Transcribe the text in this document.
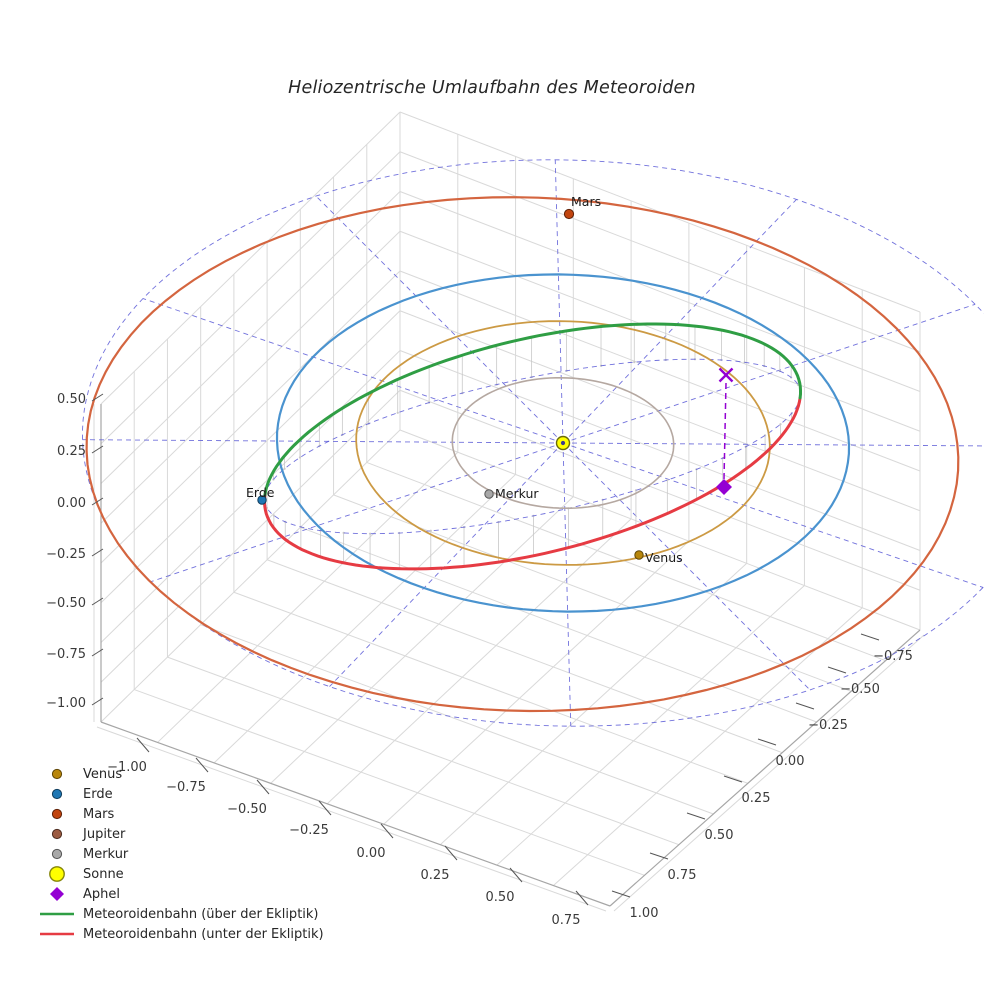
Heliozentrische Umlaufbahn des Meteoroiden
Mars
Erde	Merkur
Venus
0.50
0.25
0.00
−0.25
−0.50
−0.75
−1.00
−1.00
−0.75
−0.50
−0.25
0.00
0.25
0.50
0.75
−0.75
−0.50
−0.25
0.00
0.25
0.50
0.75
1.00
Venus
Erde
Mars
Jupiter
Merkur
Sonne
Aphel
Meteoroidenbahn (über der Ekliptik)
Meteoroidenbahn (unter der Ekliptik)
